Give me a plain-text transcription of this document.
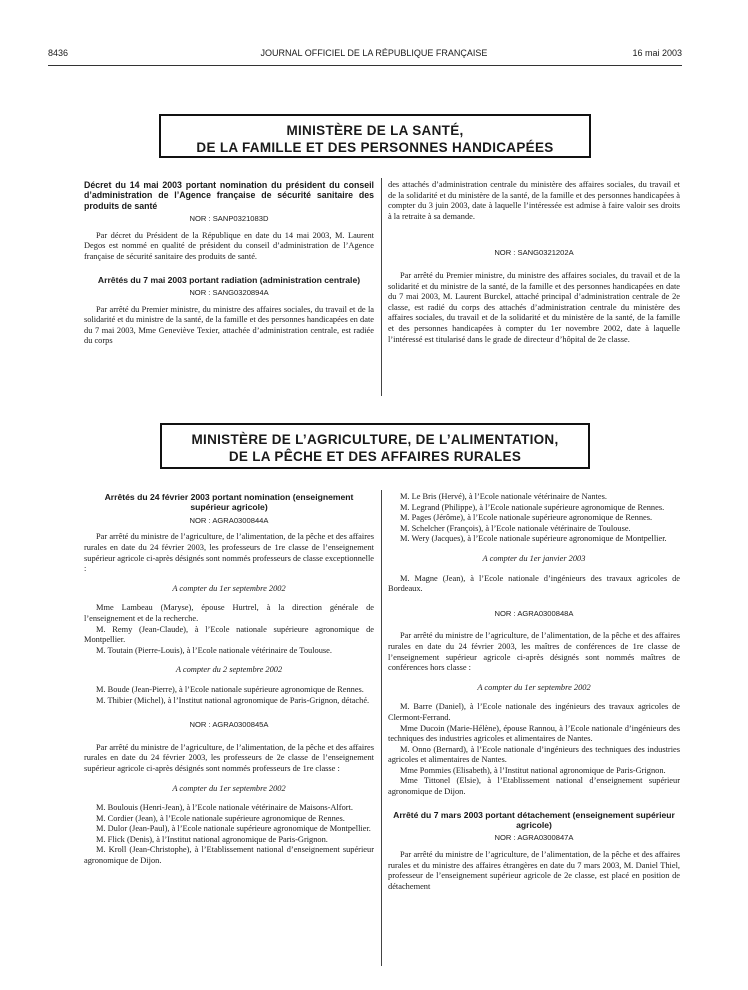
8436	JOURNAL OFFICIEL DE LA RÉPUBLIQUE FRANÇAISE	16 mai 2003
MINISTÈRE DE LA SANTÉ,
DE LA FAMILLE ET DES PERSONNES HANDICAPÉES

Décret du 14 mai 2003 portant nomination du président du conseil d’administration de l’Agence française de sécurité sanitaire des produits de santé

NOR : SANP0321083D

Par décret du Président de la République en date du 14 mai 2003, M. Laurent Degos est nommé en qualité de président du conseil d’administration de l’Agence française de sécurité sanitaire des produits de santé.

Arrêtés du 7 mai 2003 portant radiation (administration centrale)

NOR : SANG0320894A

Par arrêté du Premier ministre, du ministre des affaires sociales, du travail et de la solidarité et du ministre de la santé, de la famille et des personnes handicapées en date du 7 mai 2003, Mme Geneviève Texier, attachée d’administration centrale, est radiée du corps

des attachés d’administration centrale du ministère des affaires sociales, du travail et de la solidarité et du ministère de la santé, de la famille et des personnes handicapées à compter du 3 juin 2003, date à laquelle l’intéressée est admise à faire valoir ses droits à la retraite à sa demande.

NOR : SANG0321202A

Par arrêté du Premier ministre, du ministre des affaires sociales, du travail et de la solidarité et du ministre de la santé, de la famille et des personnes handicapées en date du 7 mai 2003, M. Laurent Burckel, attaché principal d’administration centrale de 2e classe, est radié du corps des attachés d’administration centrale du ministère des affaires sociales, du travail et de la solidarité et du ministère de la santé, de la famille et des personnes handicapées à compter du 1er novembre 2002, date à laquelle l’intéressé est titularisé dans le grade de directeur d’hôpital de 2e classe.

MINISTÈRE DE L’AGRICULTURE, DE L’ALIMENTATION,
DE LA PÊCHE ET DES AFFAIRES RURALES

Arrêtés du 24 février 2003 portant nomination (enseignement supérieur agricole)

NOR : AGRA0300844A

Par arrêté du ministre de l’agriculture, de l’alimentation, de la pêche et des affaires rurales en date du 24 février 2003, les professeurs de 1re classe de l’enseignement supérieur agricole ci-après désignés sont nommés professeurs de classe exceptionnelle :

A compter du 1er septembre 2002

Mme Lambeau (Maryse), épouse Hurtrel, à la direction générale de l’enseignement et de la recherche.

M. Remy (Jean-Claude), à l’Ecole nationale supérieure agronomique de Montpellier.

M. Toutain (Pierre-Louis), à l’Ecole nationale vétérinaire de Toulouse.

A compter du 2 septembre 2002

M. Boude (Jean-Pierre), à l’Ecole nationale supérieure agronomique de Rennes.

M. Thibier (Michel), à l’Institut national agronomique de Paris-Grignon, détaché.

NOR : AGRA0300845A

Par arrêté du ministre de l’agriculture, de l’alimentation, de la pêche et des affaires rurales en date du 24 février 2003, les professeurs de 2e classe de l’enseignement supérieur agricole ci-après désignés sont nommés professeurs de 1re classe :

A compter du 1er septembre 2002

M. Boulouis (Henri-Jean), à l’Ecole nationale vétérinaire de Maisons-Alfort.

M. Cordier (Jean), à l’Ecole nationale supérieure agronomique de Rennes.

M. Dulor (Jean-Paul), à l’Ecole nationale supérieure agronomique de Montpellier.

M. Flick (Denis), à l’Institut national agronomique de Paris-Grignon.

M. Kroll (Jean-Christophe), à l’Etablissement national d’enseignement supérieur agronomique de Dijon.

M. Le Bris (Hervé), à l’Ecole nationale vétérinaire de Nantes.

M. Legrand (Philippe), à l’Ecole nationale supérieure agronomique de Rennes.

M. Pages (Jérôme), à l’Ecole nationale supérieure agronomique de Rennes.

M. Schelcher (François), à l’Ecole nationale vétérinaire de Toulouse.

M. Wery (Jacques), à l’Ecole nationale supérieure agronomique de Montpellier.

A compter du 1er janvier 2003

M. Magne (Jean), à l’Ecole nationale d’ingénieurs des travaux agricoles de Bordeaux.

NOR : AGRA0300848A

Par arrêté du ministre de l’agriculture, de l’alimentation, de la pêche et des affaires rurales en date du 24 février 2003, les maîtres de conférences de 1re classe de l’enseignement supérieur agricole ci-après désignés sont nommés maîtres de conférences hors classe :

A compter du 1er septembre 2002

M. Barre (Daniel), à l’Ecole nationale des ingénieurs des travaux agricoles de Clermont-Ferrand.

Mme Ducoin (Marie-Hélène), épouse Rannou, à l’Ecole nationale d’ingénieurs des techniques des industries agricoles et alimentaires de Nantes.

M. Onno (Bernard), à l’Ecole nationale d’ingénieurs des techniques des industries agricoles et alimentaires de Nantes.

Mme Pommies (Elisabeth), à l’Institut national agronomique de Paris-Grignon.

Mme Tittonel (Elsie), à l’Etablissement national d’enseignement supérieur agronomique de Dijon.

Arrêté du 7 mars 2003 portant détachement (enseignement supérieur agricole)

NOR : AGRA0300847A

Par arrêté du ministre de l’agriculture, de l’alimentation, de la pêche et des affaires rurales et du ministre des affaires étrangères en date du 7 mars 2003, M. Daniel Thiel, professeur de l’enseignement supérieur agricole de 2e classe, est placé en position de détachement
